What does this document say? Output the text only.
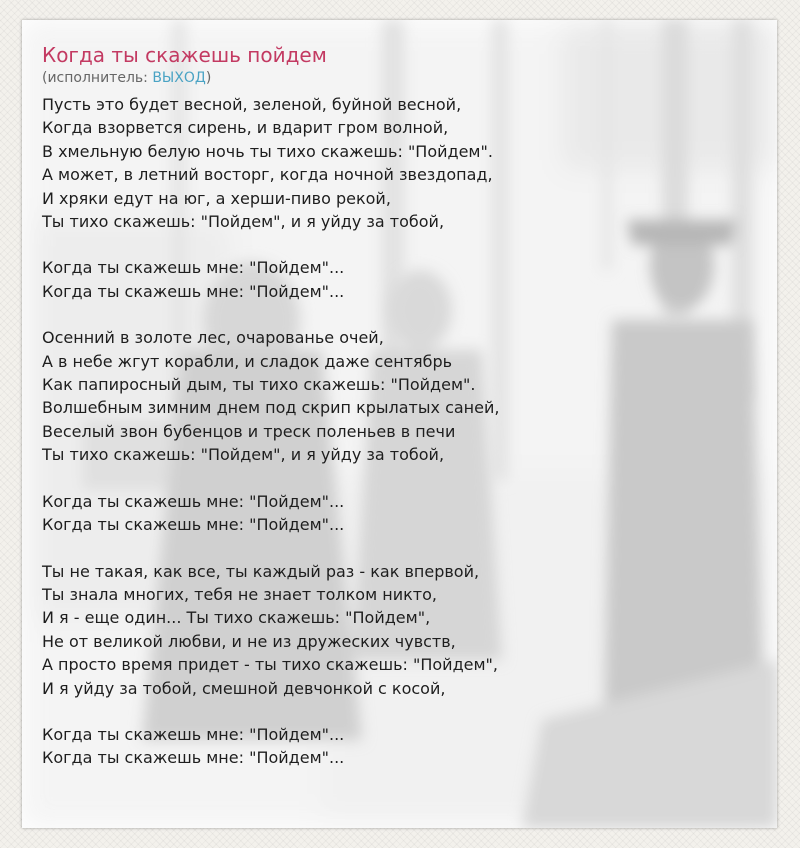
Когда ты скажешь пойдем
(исполнитель: ВЫХОД)
Пусть это будет весной, зеленой, буйной весной,
Когда взорвется сирень, и вдарит гром волной,
В хмельную белую ночь ты тихо скажешь: "Пойдем".
А может, в летний восторг, когда ночной звездопад,
И хряки едут на юг, а херши-пиво рекой,
Ты тихо скажешь: "Пойдем", и я уйду за тобой,
Когда ты скажешь мне: "Пойдем"...
Когда ты скажешь мне: "Пойдем"...
Осенний в золоте лес, очарованье очей,
А в небе жгут корабли, и сладок даже сентябрь
Как папиросный дым, ты тихо скажешь: "Пойдем".
Волшебным зимним днем под скрип крылатых саней,
Веселый звон бубенцов и треск поленьев в печи
Ты тихо скажешь: "Пойдем", и я уйду за тобой,
Когда ты скажешь мне: "Пойдем"...
Когда ты скажешь мне: "Пойдем"...
Ты не такая, как все, ты каждый раз - как впервой,
Ты знала многих, тебя не знает толком никто,
И я - еще один... Ты тихо скажешь: "Пойдем",
Не от великой любви, и не из дружеских чувств,
А просто время придет - ты тихо скажешь: "Пойдем",
И я уйду за тобой, смешной девчонкой с косой,
Когда ты скажешь мне: "Пойдем"...
Когда ты скажешь мне: "Пойдем"...
